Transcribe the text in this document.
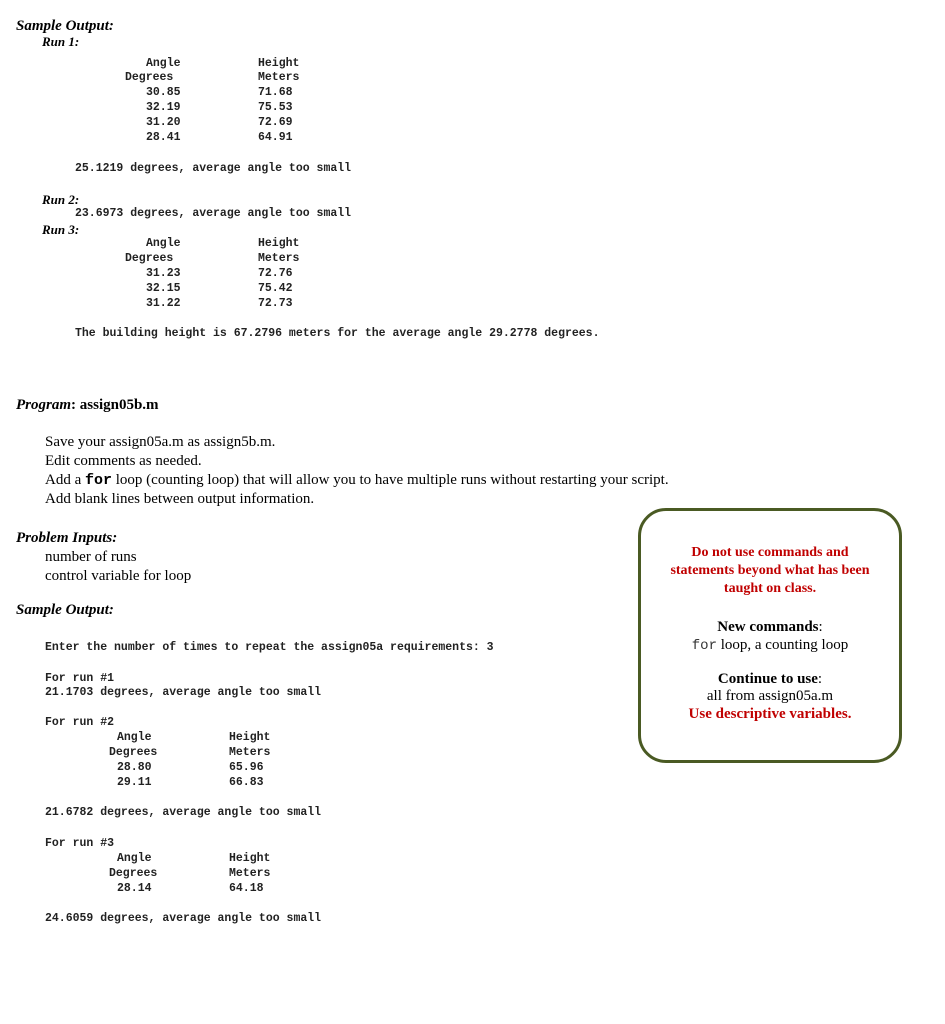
Sample Output:
Run 1:
Angle	Height
Degrees	Meters
30.85	71.68
32.19	75.53
31.20	72.69
28.41	64.91
25.1219 degrees, average angle too small
Run 2:
23.6973 degrees, average angle too small
Run 3:
Angle	Height
Degrees	Meters
31.23	72.76
32.15	75.42
31.22	72.73
The building height is 67.2796 meters for the average angle 29.2778 degrees.
Program: assign05b.m
Save your assign05a.m as assign5b.m.
Edit comments as needed.
Add a for loop (counting loop) that will allow you to have multiple runs without restarting your script.
Add blank lines between output information.
Problem Inputs:
number of runs
control variable for loop
Sample Output:
Enter the number of times to repeat the assign05a requirements: 3
For run #1
21.1703 degrees, average angle too small
For run #2
Angle	Height
Degrees	Meters
28.80	65.96
29.11	66.83
21.6782 degrees, average angle too small
For run #3
Angle	Height
Degrees	Meters
28.14	64.18
24.6059 degrees, average angle too small
Do not use commands and
statements beyond what has been
taught on class.
New commands:
for loop, a counting loop
Continue to use:
all from assign05a.m
Use descriptive variables.
